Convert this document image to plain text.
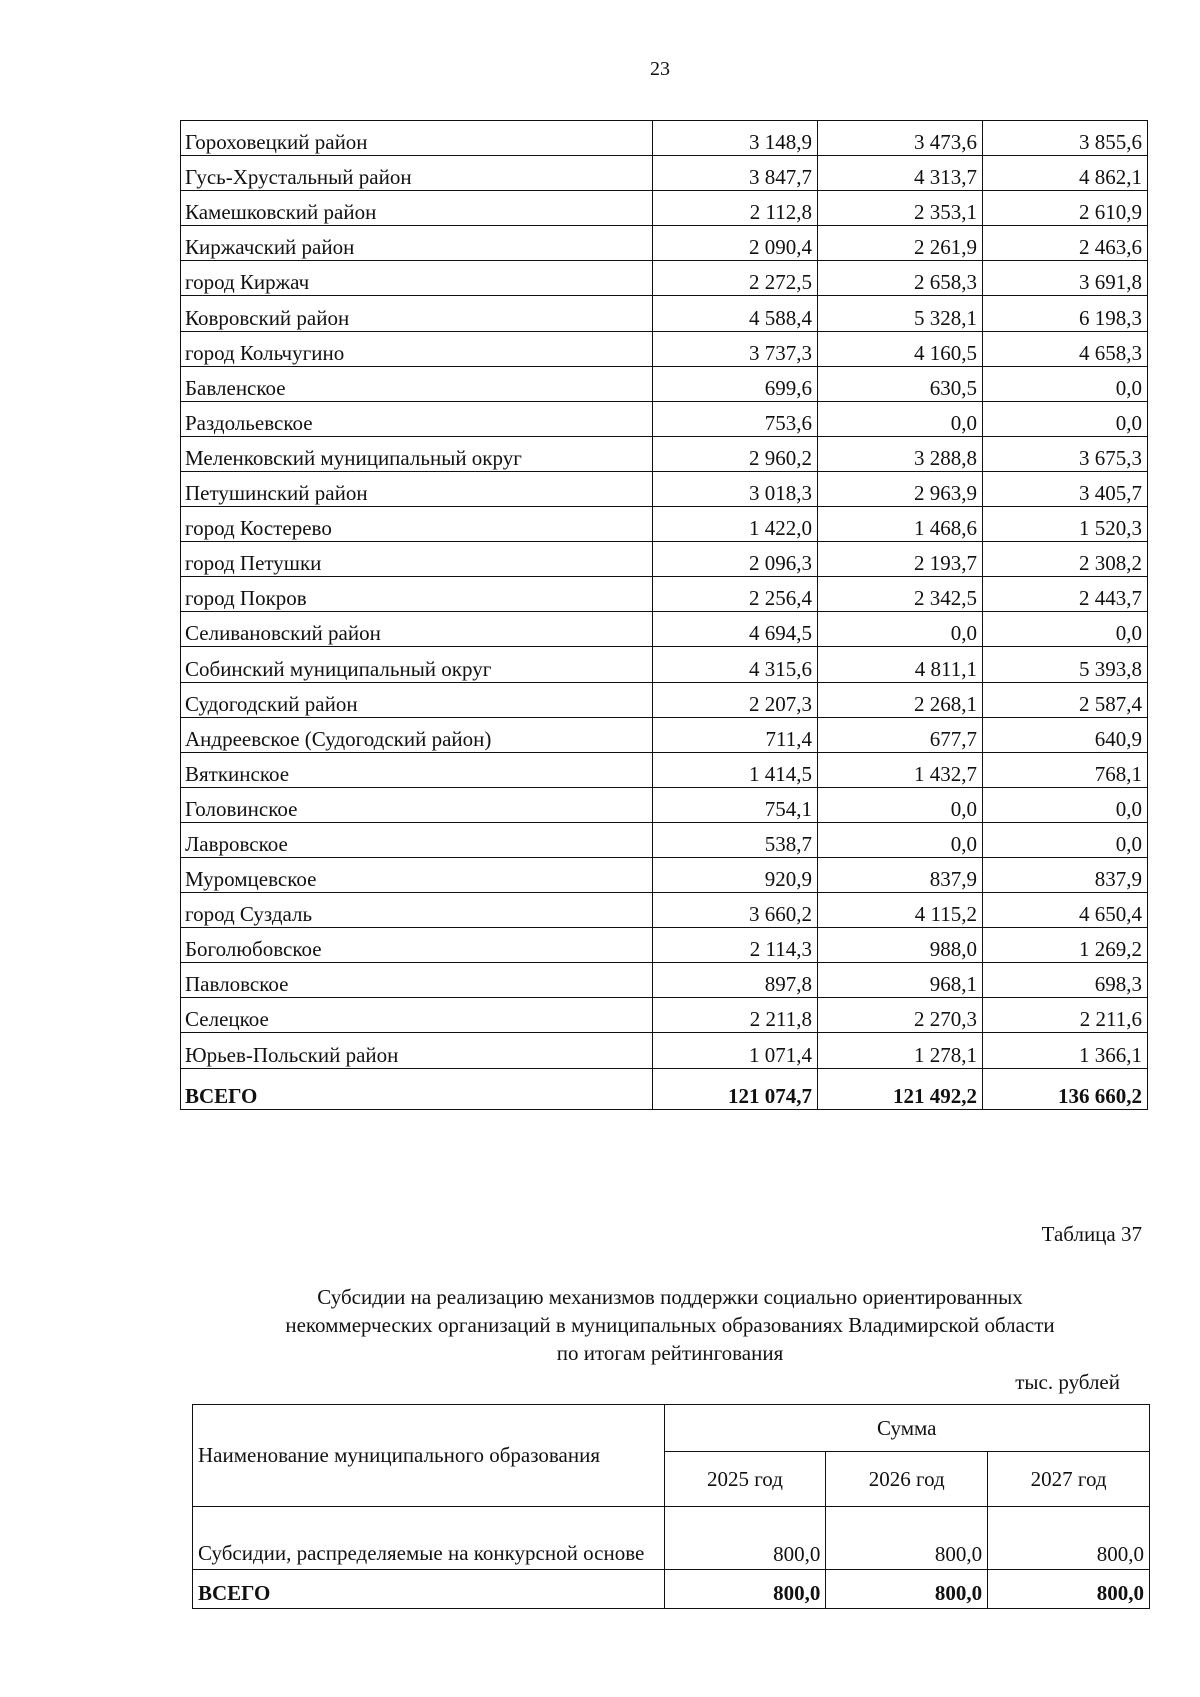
23
Гороховецкий район	3 148,9	3 473,6	3 855,6
Гусь-Хрустальный район	3 847,7	4 313,7	4 862,1
Камешковский район	2 112,8	2 353,1	2 610,9
Киржачский район	2 090,4	2 261,9	2 463,6
город Киржач	2 272,5	2 658,3	3 691,8
Ковровский район	4 588,4	5 328,1	6 198,3
город Кольчугино	3 737,3	4 160,5	4 658,3
Бавленское	699,6	630,5	0,0
Раздольевское	753,6	0,0	0,0
Меленковский муниципальный округ	2 960,2	3 288,8	3 675,3
Петушинский район	3 018,3	2 963,9	3 405,7
город Костерево	1 422,0	1 468,6	1 520,3
город Петушки	2 096,3	2 193,7	2 308,2
город Покров	2 256,4	2 342,5	2 443,7
Селивановский район	4 694,5	0,0	0,0
Собинский муниципальный округ	4 315,6	4 811,1	5 393,8
Судогодский район	2 207,3	2 268,1	2 587,4
Андреевское (Судогодский район)	711,4	677,7	640,9
Вяткинское	1 414,5	1 432,7	768,1
Головинское	754,1	0,0	0,0
Лавровское	538,7	0,0	0,0
Муромцевское	920,9	837,9	837,9
город Суздаль	3 660,2	4 115,2	4 650,4
Боголюбовское	2 114,3	988,0	1 269,2
Павловское	897,8	968,1	698,3
Селецкое	2 211,8	2 270,3	2 211,6
Юрьев-Польский район	1 071,4	1 278,1	1 366,1
ВСЕГО	121 074,7	121 492,2	136 660,2
Таблица 37
Субсидии на реализацию механизмов поддержки социально ориентированных
некоммерческих организаций в муниципальных образованиях Владимирской области
по итогам рейтингования
тыс. рублей
Наименование муниципального образования	Сумма		
	2025 год	2026 год	2027 год
Субсидии, распределяемые на конкурсной основе	800,0	800,0	800,0
ВСЕГО	800,0	800,0	800,0
